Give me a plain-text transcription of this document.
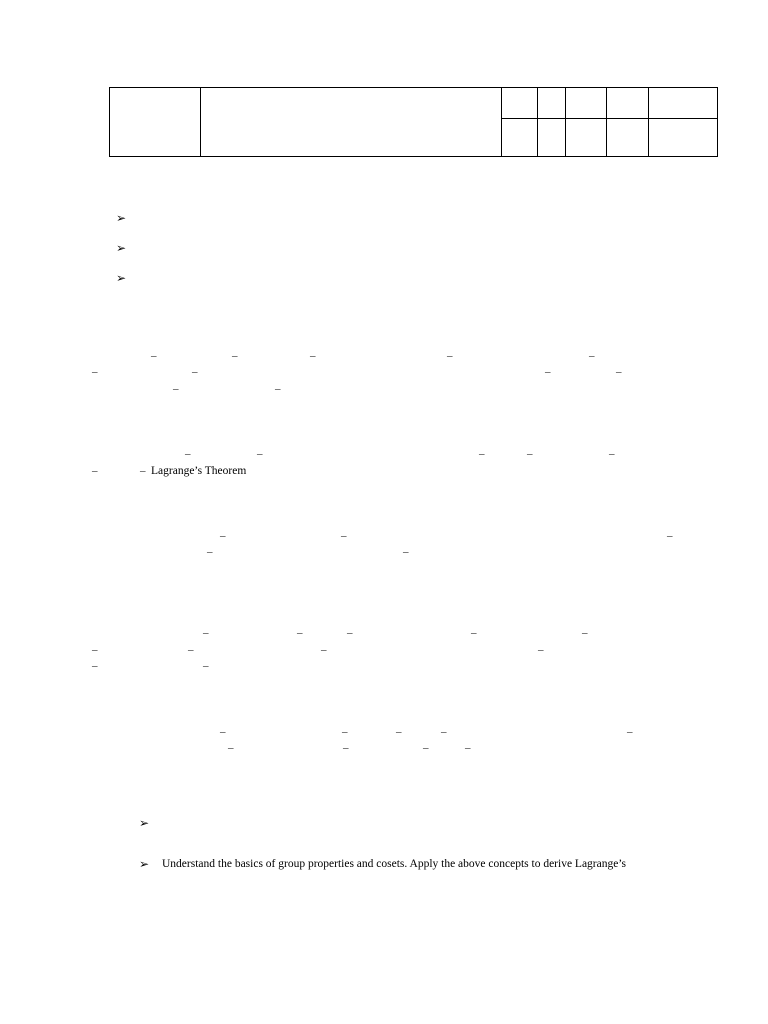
➢
➢
➢
–	–	–	–	–
–	–	–	–
–	–
–	–	–	–	–
–	– Lagrange’s Theorem
–	–	–
–	–
–	–	–	–	–
–	–	–	–
–	–
–	–	–	–	–
–	–	–	–
➢
➢ Understand the basics of group properties and cosets. Apply the above concepts to derive Lagrange’s
